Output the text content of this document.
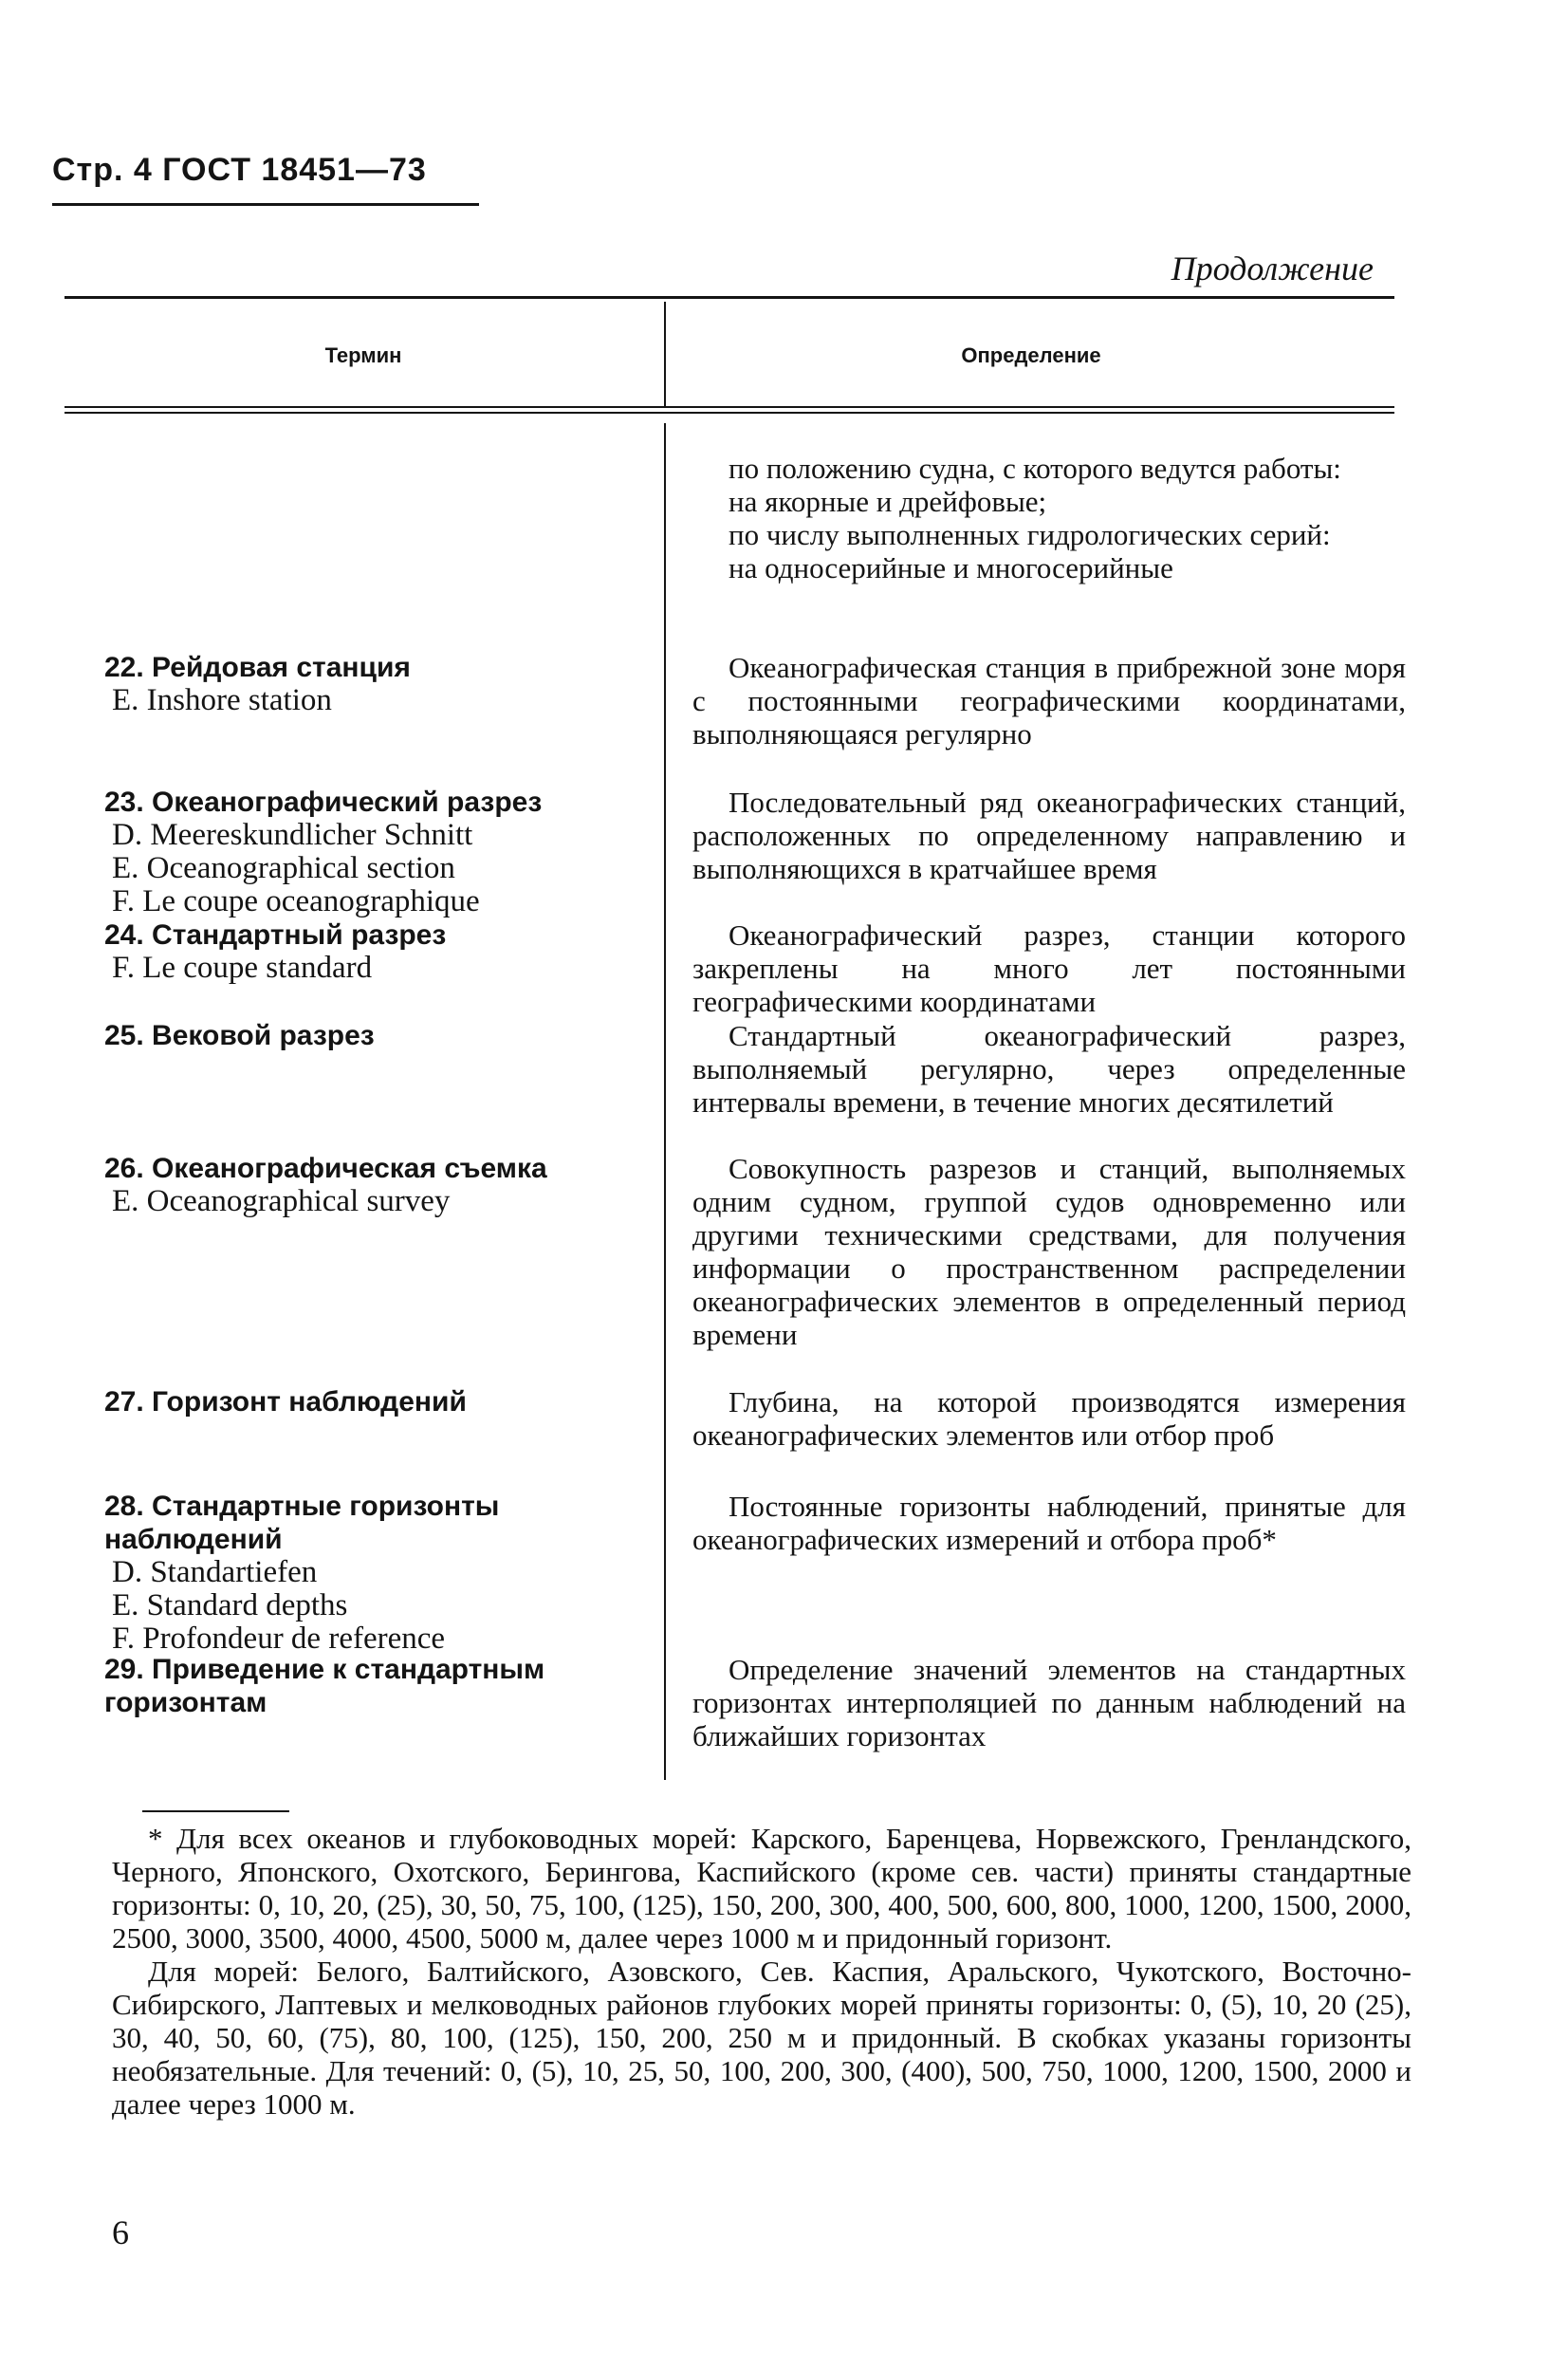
Стр. 4 ГОСТ 18451—73
Продолжение
Термин	Определение

по положению судна, с которого ведутся работы:

на якорные и дрейфовые;

по числу выполненных гидрологических серий:

на односерийные и многосерийные

Океанографическая станция в прибрежной зоне моря с постоянными географическими координатами, выполняющаяся регулярно

Последовательный ряд океанографических станций, расположенных по определенному направлению и выполняющихся в кратчайшее время

Океанографический разрез, станции которого закреплены на много лет постоянными географическими координатами

Стандартный океанографический разрез, выполняемый регулярно, через определенные интервалы времени, в течение многих десятилетий

Совокупность разрезов и станций, выполняемых одним судном, группой судов одновременно или другими техническими средствами, для получения информации о пространственном распределении океанографических элементов в определенный период времени

Глубина, на которой производятся измерения океанографических элементов или отбор проб

Постоянные горизонты наблюдений, принятые для океанографических измерений и отбора проб*

Определение значений элементов на стандартных горизонтах интерполяцией по данным наблюдений на ближайших горизонтах

22. Рейдовая станция
E. Inshore station
23. Океанографический разрез
D. Meereskundlicher Schnitt
E. Oceanographical section
F. Le coupe oceanographique
24. Стандартный разрез
F. Le coupe standard
25. Вековой разрез
26. Океанографическая съемка
E. Oceanographical survey
27. Горизонт наблюдений
28. Стандартные горизонты наблюдений
D. Standartiefen
E. Standard depths
F. Profondeur de reference
29. Приведение к стандартным горизонтам

* Для всех океанов и глубоководных морей: Карского, Баренцева, Норвежского, Гренландского, Черного, Японского, Охотского, Берингова, Каспийского (кроме сев. части) приняты стандартные горизонты: 0, 10, 20, (25), 30, 50, 75, 100, (125), 150, 200, 300, 400, 500, 600, 800, 1000, 1200, 1500, 2000, 2500, 3000, 3500, 4000, 4500, 5000 м, далее через 1000 м и придонный горизонт.

Для морей: Белого, Балтийского, Азовского, Сев. Каспия, Аральского, Чукотского, Восточно-Сибирского, Лаптевых и мелководных районов глубоких морей приняты горизонты: 0, (5), 10, 20 (25), 30, 40, 50, 60, (75), 80, 100, (125), 150, 200, 250 м и придонный. В скобках указаны горизонты необязательные. Для течений: 0, (5), 10, 25, 50, 100, 200, 300, (400), 500, 750, 1000, 1200, 1500, 2000 и далее через 1000 м.

6
